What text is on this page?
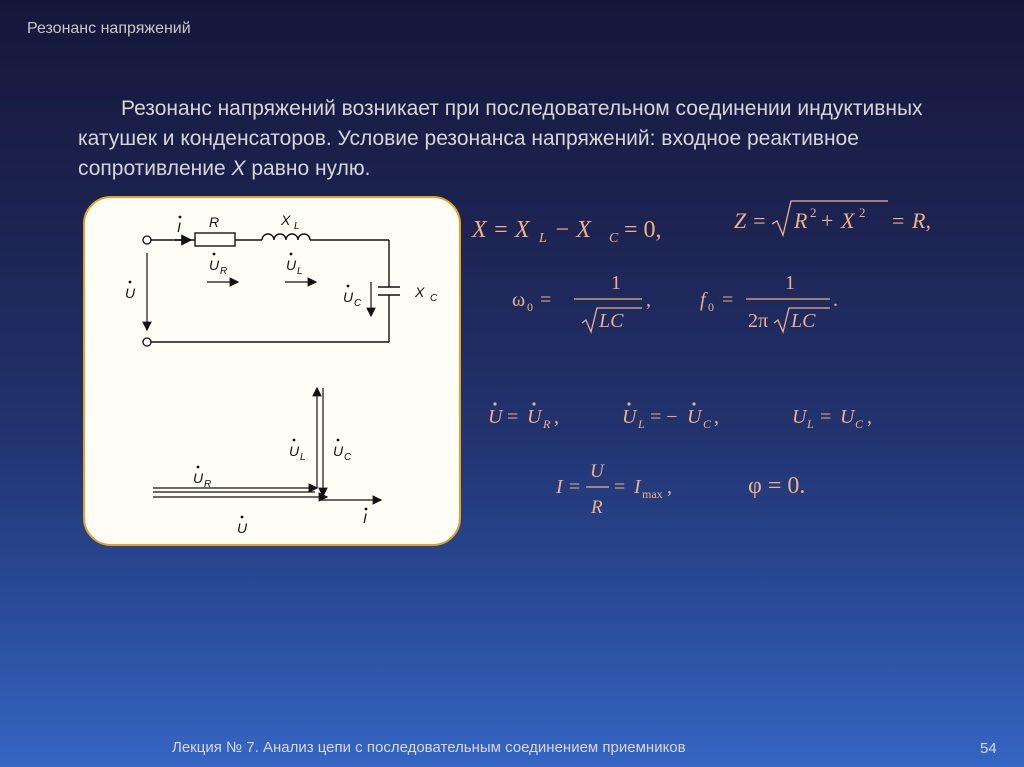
Резонанс напряжений
Резонанс напряжений возникает при последовательном соединении индуктивных катушек и конденсаторов. Условие резонанса напряжений: входное реактивное сопротивление X равно нулю.
I R	X L
X C
U
U R	U L
U C
U L U C
U R
U
I
X = X L − X C = 0,	Z = R 2 + X 2 = R,
ω 0 =
1
LC
, f 0 =
1
2π LC
.
U = U R ,	U L = − U C ,	U L = U C ,
I =
U
R
= I max ,	φ = 0.
Лекция № 7. Анализ цепи с последовательным соединением приемников	54
